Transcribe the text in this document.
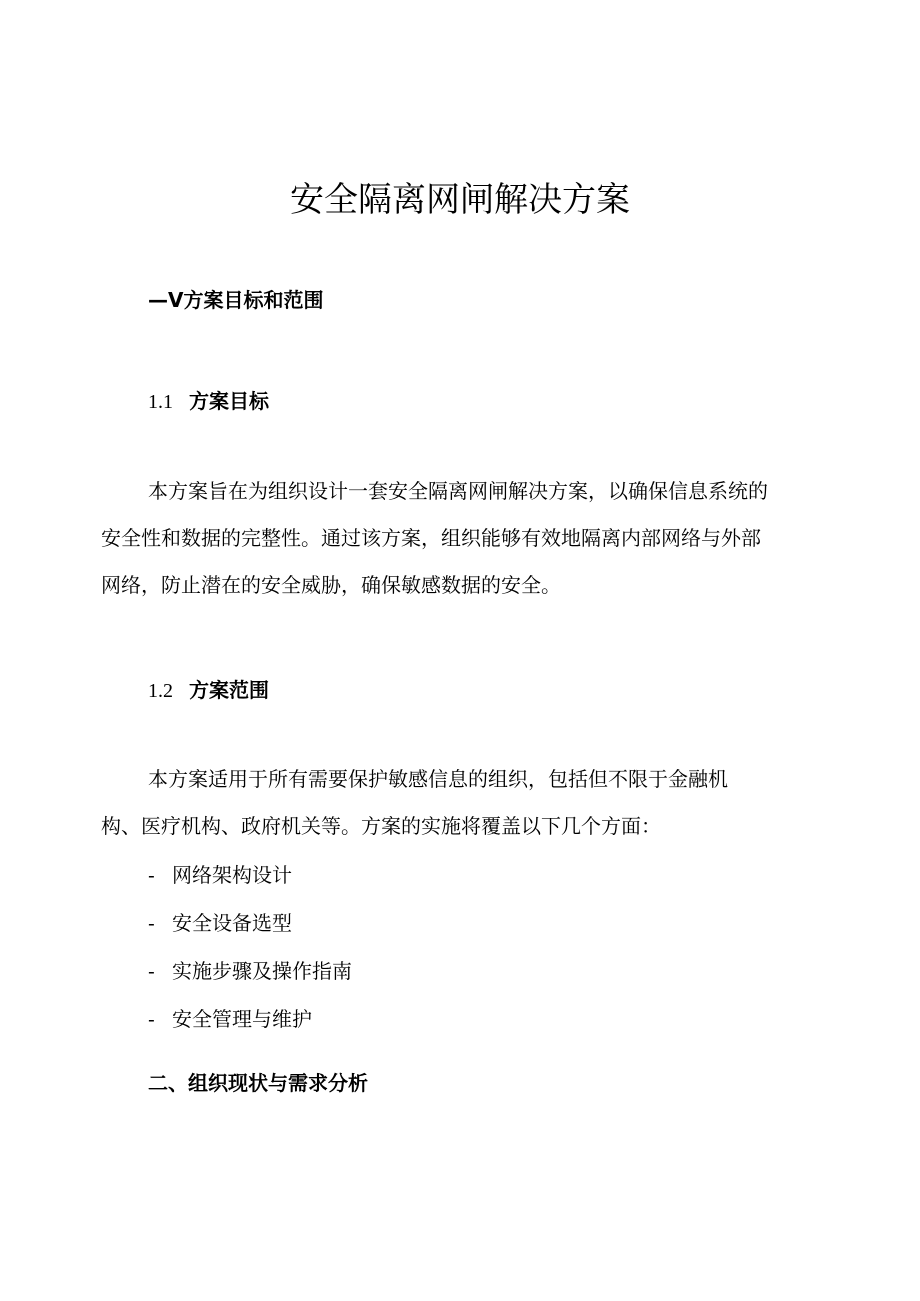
安全隔离网闸解决方案
—V方案目标和范围
1.1 方案目标
本方案旨在为组织设计一套安全隔离网闸解决方案，以确保信息系统的
安全性和数据的完整性。通过该方案，组织能够有效地隔离内部网络与外部
网络，防止潜在的安全威胁，确保敏感数据的安全。
1.2 方案范围
本方案适用于所有需要保护敏感信息的组织，包括但不限于金融机
构、医疗机构、政府机关等。方案的实施将覆盖以下几个方面：
- 网络架构设计
- 安全设备选型
- 实施步骤及操作指南
- 安全管理与维护
二、组织现状与需求分析
